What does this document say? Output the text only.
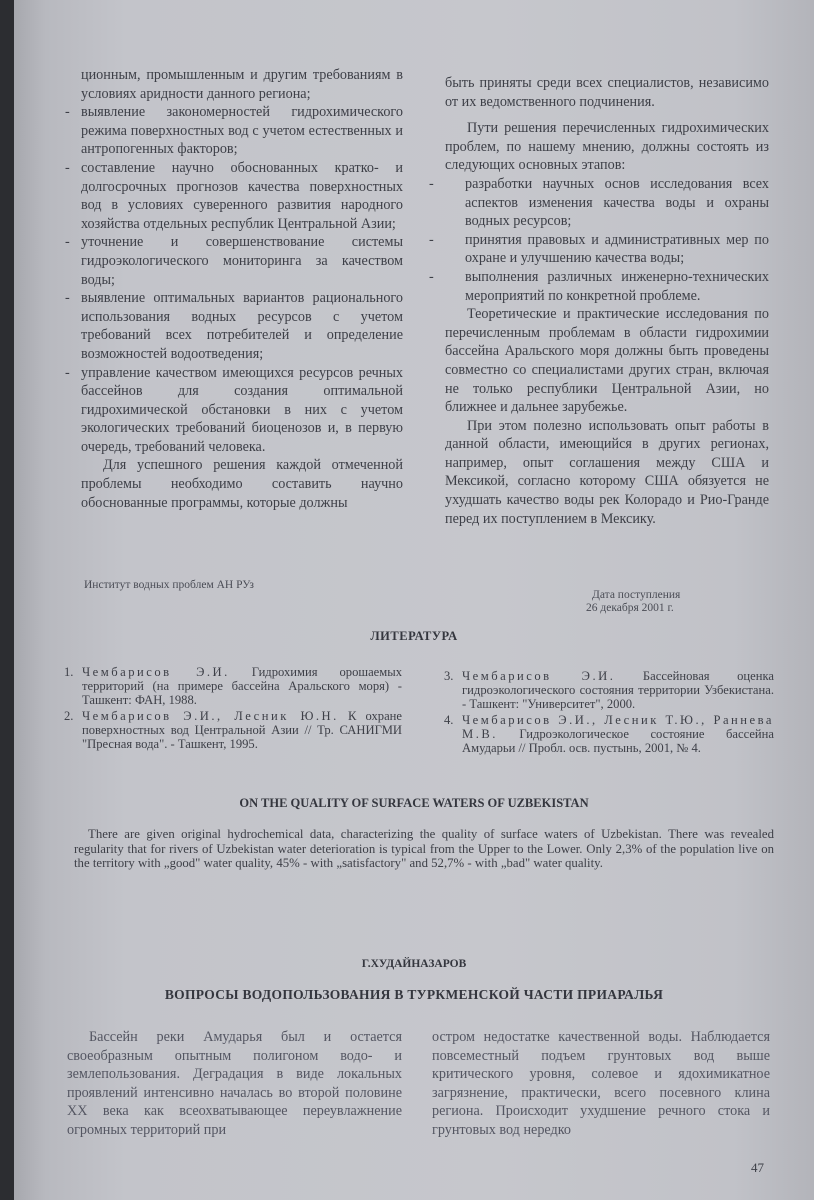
ционным, промышленным и другим требованиям в условиях аридности данного региона;

- выявление закономерностей гидрохимического режима поверхностных вод с учетом естественных и антропогенных факторов;

- составление научно обоснованных кратко- и долгосрочных прогнозов качества поверхностных вод в условиях суверенного развития народного хозяйства отдельных республик Центральной Азии;

- уточнение и совершенствование системы гидроэкологического мониторинга за качеством воды;

- выявление оптимальных вариантов рационального использования водных ресурсов с учетом требований всех потребителей и определение возможностей водоотведения;

- управление качеством имеющихся ресурсов речных бассейнов для создания оптимальной гидрохимической обстановки в них с учетом экологических требований биоценозов и, в первую очередь, требований человека.

Для успешного решения каждой отмеченной проблемы необходимо составить научно обоснованные программы, которые должны

быть приняты среди всех специалистов, независимо от их ведомственного подчинения.

Пути решения перечисленных гидрохимических проблем, по нашему мнению, должны состоять из следующих основных этапов:

-	разработки научных основ исследования всех аспектов изменения качества воды и охраны водных ресурсов;

-	принятия правовых и административных мер по охране и улучшению качества воды;

-	выполнения различных инженерно-технических мероприятий по конкретной проблеме.

Теоретические и практические исследования по перечисленным проблемам в области гидрохимии бассейна Аральского моря должны быть проведены совместно со специалистами других стран, включая не только республики Центральной Азии, но ближнее и дальнее зарубежье.

При этом полезно использовать опыт работы в данной области, имеющийся в других регионах, например, опыт соглашения между США и Мексикой, согласно которому США обязуется не ухудшать качество воды рек Колорадо и Рио-Гранде перед их поступлением в Мексику.

Институт водных проблем АН РУз
Дата поступления
26 декабря 2001 г.
ЛИТЕРАТУРА
1. Чембарисов Э.И. Гидрохимия орошаемых территорий (на примере бассейна Аральского моря) - Ташкент: ФАН, 1988.
2. Чембарисов Э.И., Лесник Ю.Н. К охране поверхностных вод Центральной Азии // Тр. САНИГМИ "Пресная вода". - Ташкент, 1995.
3. Чембарисов Э.И. Бассейновая оценка гидроэкологического состояния территории Узбекистана. - Ташкент: "Университет", 2000.
4. Чембарисов Э.И., Лесник Т.Ю., Раннева М.В. Гидроэкологическое состояние бассейна Амударьи // Пробл. осв. пустынь, 2001, № 4.
ON THE QUALITY OF SURFACE WATERS OF UZBEKISTAN
There are given original hydrochemical data, characterizing the quality of surface waters of Uzbekistan. There was revealed regularity that for rivers of Uzbekistan water deterioration is typical from the Upper to the Lower. Only 2,3% of the population live on the territory with „good" water quality, 45% - with „satisfactory" and 52,7% - with „bad" water quality.
Г.ХУДАЙНАЗАРОВ
ВОПРОСЫ ВОДОПОЛЬЗОВАНИЯ В ТУРКМЕНСКОЙ ЧАСТИ ПРИАРАЛЬЯ

Бассейн реки Амударья был и остается своеобразным опытным полигоном водо- и землепользования. Деградация в виде локальных проявлений интенсивно началась во второй половине XX века как всеохватывающее переувлажнение огромных территорий при

остром недостатке качественной воды. Наблюдается повсеместный подъем грунтовых вод выше критического уровня, солевое и ядохимикатное загрязнение, практически, всего посевного клина региона. Происходит ухудшение речного стока и грунтовых вод нередко

47
